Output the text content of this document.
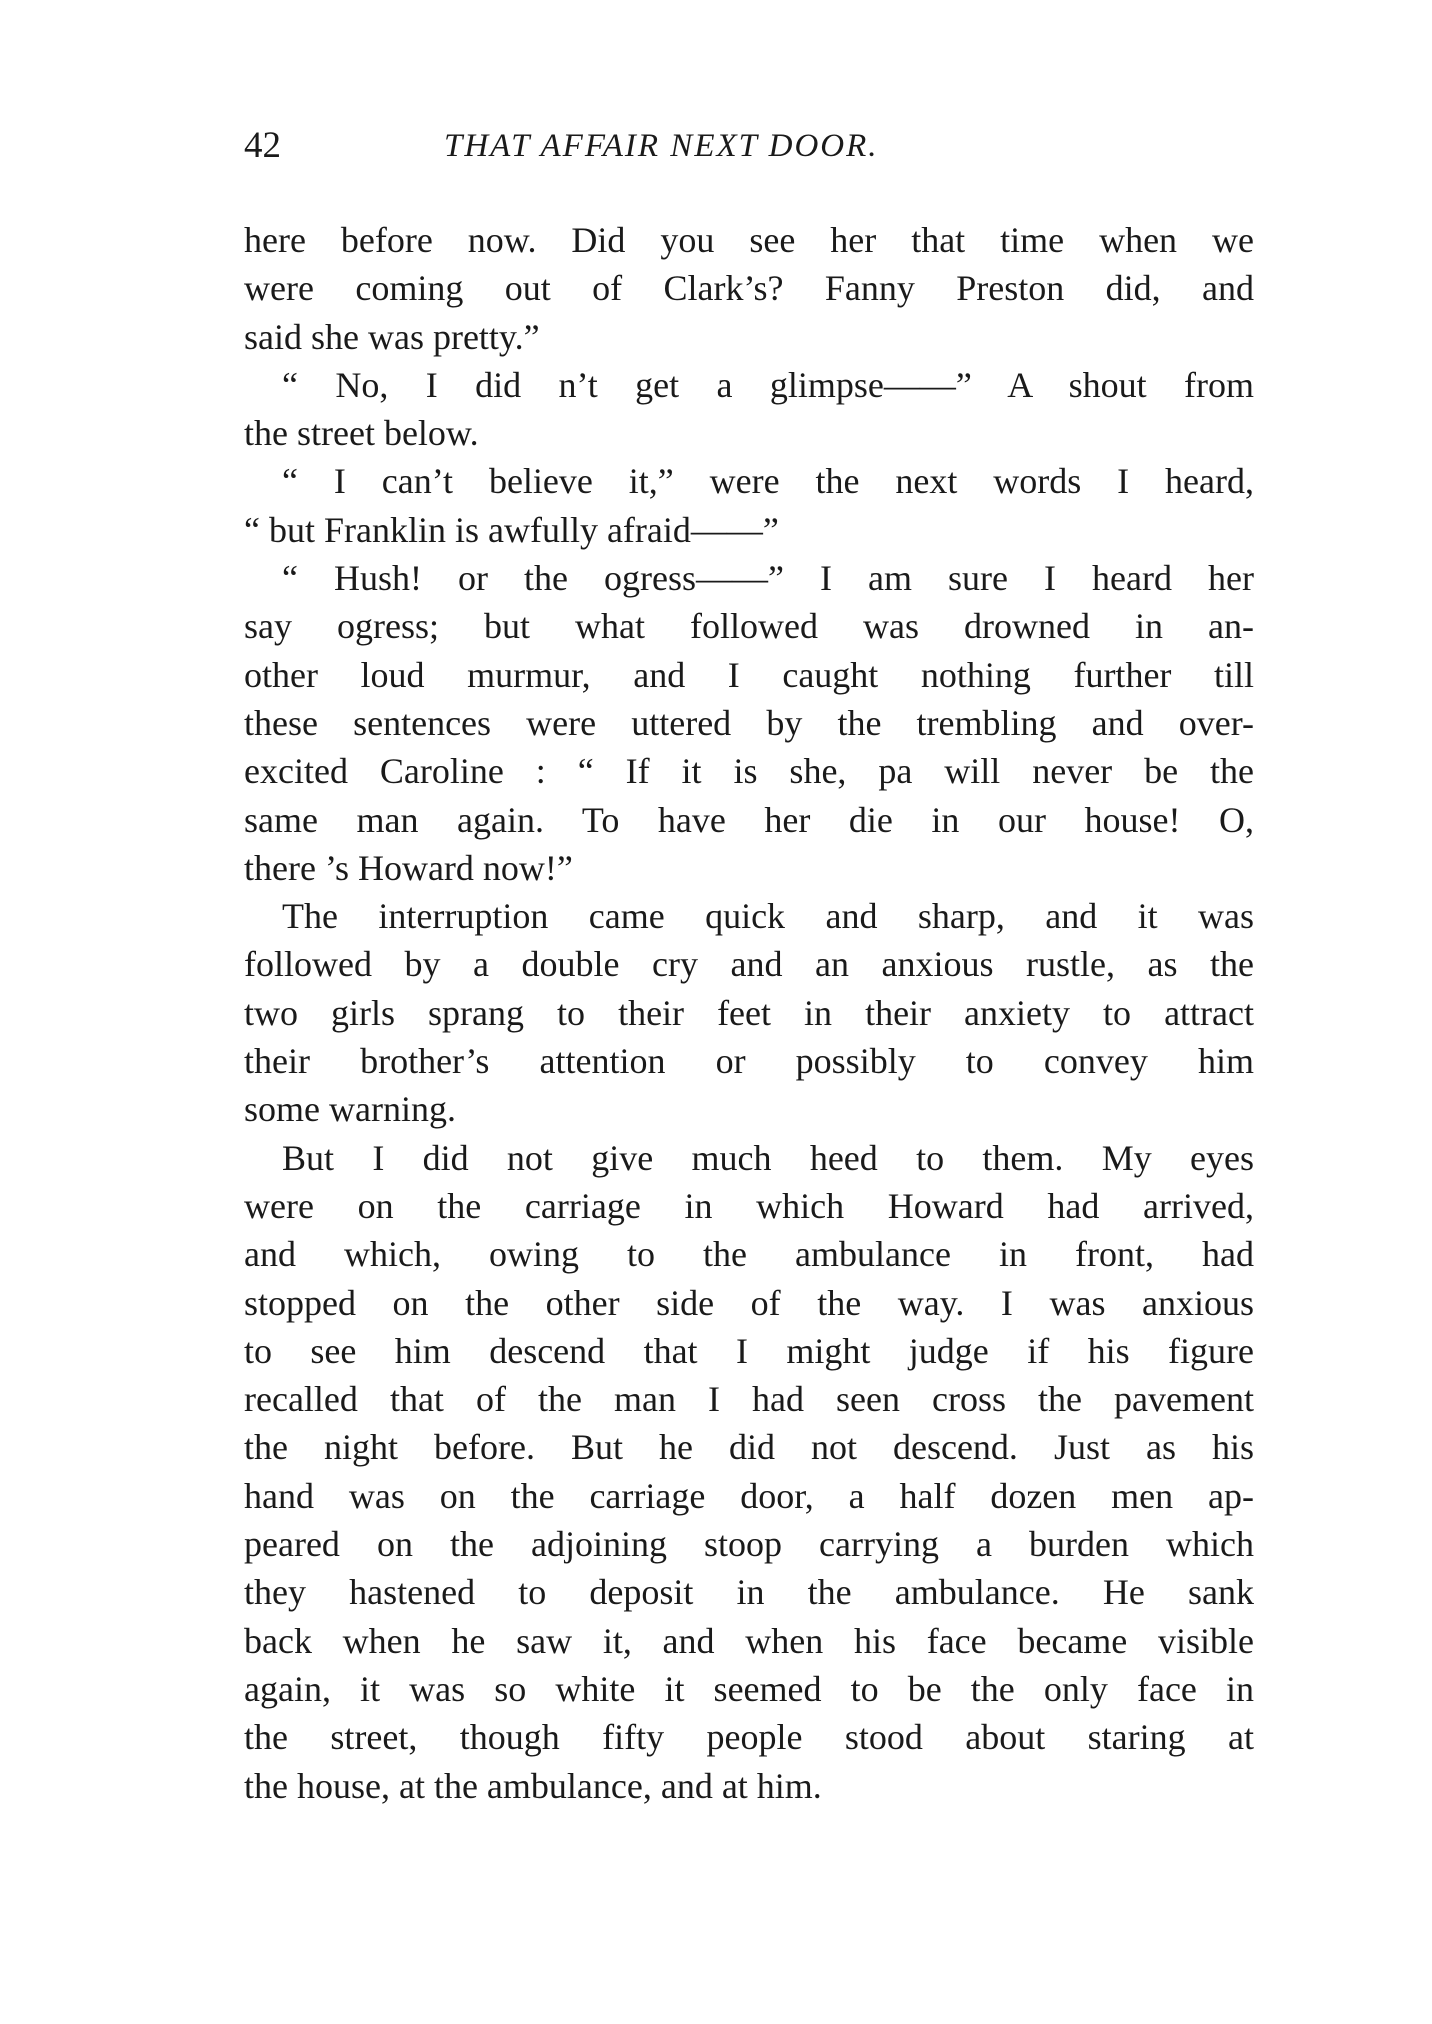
42	THAT AFFAIR NEXT DOOR.
here before now. Did you see her that time when we
were coming out of Clark’s? Fanny Preston did, and
said she was pretty.”
“ No, I did n’t get a glimpse——” A shout from
the street below.
“ I can’t believe it,” were the next words I heard,
“ but Franklin is awfully afraid——”
“ Hush! or the ogress——” I am sure I heard her
say ogress; but what followed was drowned in an-
other loud murmur, and I caught nothing further till
these sentences were uttered by the trembling and over-
excited Caroline : “ If it is she, pa will never be the
same man again. To have her die in our house! O,
there ’s Howard now!”
The interruption came quick and sharp, and it was
followed by a double cry and an anxious rustle, as the
two girls sprang to their feet in their anxiety to attract
their brother’s attention or possibly to convey him
some warning.
But I did not give much heed to them. My eyes
were on the carriage in which Howard had arrived,
and which, owing to the ambulance in front, had
stopped on the other side of the way. I was anxious
to see him descend that I might judge if his figure
recalled that of the man I had seen cross the pavement
the night before. But he did not descend. Just as his
hand was on the carriage door, a half dozen men ap-
peared on the adjoining stoop carrying a burden which
they hastened to deposit in the ambulance. He sank
back when he saw it, and when his face became visible
again, it was so white it seemed to be the only face in
the street, though fifty people stood about staring at
the house, at the ambulance, and at him.
